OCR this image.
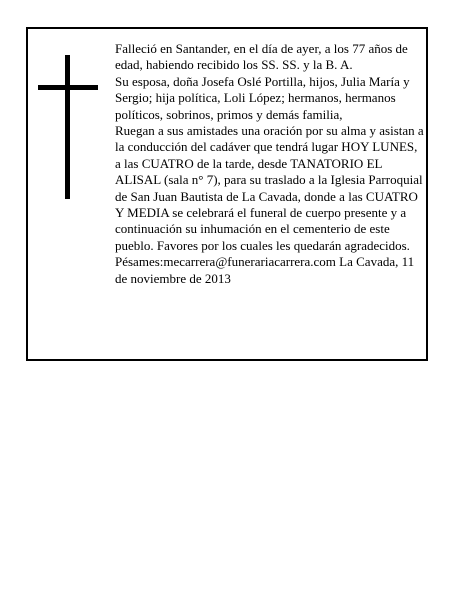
Falleció en Santander, en el día de ayer, a los 77 años de edad, habiendo recibido los SS. SS. y la B. A.

Su esposa, doña Josefa Oslé Portilla, hijos, Julia María y Sergio; hija política, Loli López; hermanos, hermanos políticos, sobrinos, primos y demás familia,

Ruegan a sus amistades una oración por su alma y asistan a la conducción del cadáver que tendrá lugar HOY LUNES, a las CUATRO de la tarde, desde TANATORIO EL ALISAL (sala n° 7), para su traslado a la Iglesia Parroquial de San Juan Bautista de La Cavada, donde a las CUATRO Y MEDIA se celebrará el funeral de cuerpo presente y a continuación su inhumación en el cementerio de este pueblo. Favores por los cuales les quedarán agradecidos.

Pésames:mecarrera@funerariacarrera.com La Cavada, 11 de noviembre de 2013
